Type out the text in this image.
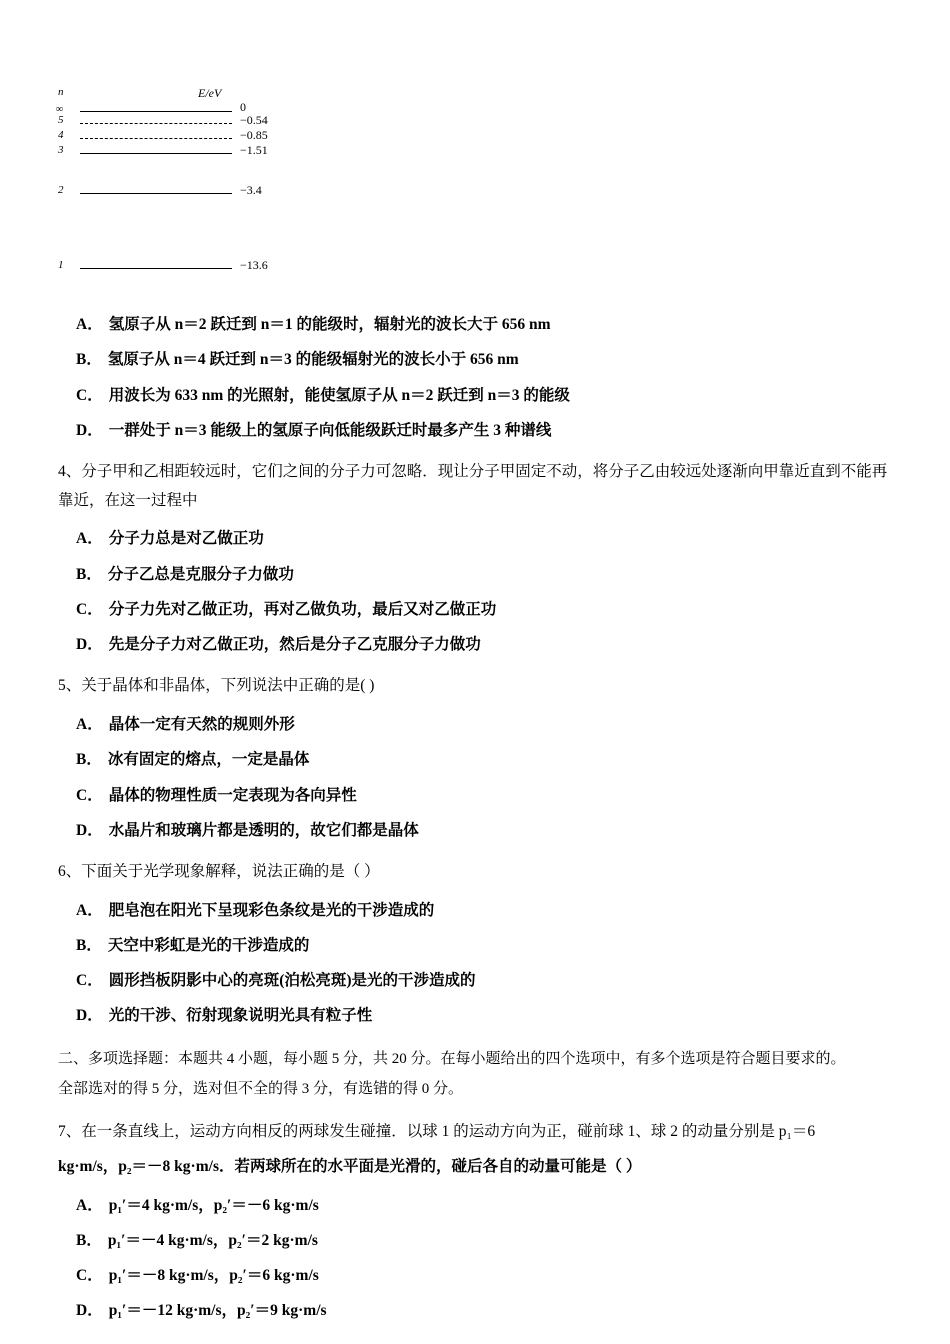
n	E/eV
∞	0
5	−0.54
4	−0.85
3	−1.51
2	−3.4
1	−13.6
A． 氢原子从 n＝2 跃迁到 n＝1 的能级时，辐射光的波长大于 656 nm
B． 氢原子从 n＝4 跃迁到 n＝3 的能级辐射光的波长小于 656 nm
C． 用波长为 633 nm 的光照射，能使氢原子从 n＝2 跃迁到 n＝3 的能级
D． 一群处于 n＝3 能级上的氢原子向低能级跃迁时最多产生 3 种谱线
4、分子甲和乙相距较远时，它们之间的分子力可忽略．现让分子甲固定不动，将分子乙由较远处逐渐向甲靠近直到不能再靠近，在这一过程中
A． 分子力总是对乙做正功
B． 分子乙总是克服分子力做功
C． 分子力先对乙做正功，再对乙做负功，最后又对乙做正功
D． 先是分子力对乙做正功，然后是分子乙克服分子力做功
5、关于晶体和非晶体，下列说法中正确的是( )
A． 晶体一定有天然的规则外形
B． 冰有固定的熔点，一定是晶体
C． 晶体的物理性质一定表现为各向异性
D． 水晶片和玻璃片都是透明的，故它们都是晶体
6、下面关于光学现象解释，说法正确的是（ ）
A． 肥皂泡在阳光下呈现彩色条纹是光的干涉造成的
B． 天空中彩虹是光的干涉造成的
C． 圆形挡板阴影中心的亮斑(泊松亮斑)是光的干涉造成的
D． 光的干涉、衍射现象说明光具有粒子性
二、多项选择题：本题共 4 小题，每小题 5 分，共 20 分。在每小题给出的四个选项中，有多个选项是符合题目要求的。
全部选对的得 5 分，选对但不全的得 3 分，有选错的得 0 分。
7、在一条直线上，运动方向相反的两球发生碰撞．以球 1 的运动方向为正，碰前球 1、球 2 的动量分别是 p₁＝6
kg·m/s，p₂＝－8 kg·m/s．若两球所在的水平面是光滑的，碰后各自的动量可能是（ ）
A． p₁′＝4 kg·m/s，p₂′＝－6 kg·m/s
B． p₁′＝－4 kg·m/s，p₂′＝2 kg·m/s
C． p₁′＝－8 kg·m/s，p₂′＝6 kg·m/s
D． p₁′＝－12 kg·m/s，p₂′＝9 kg·m/s
